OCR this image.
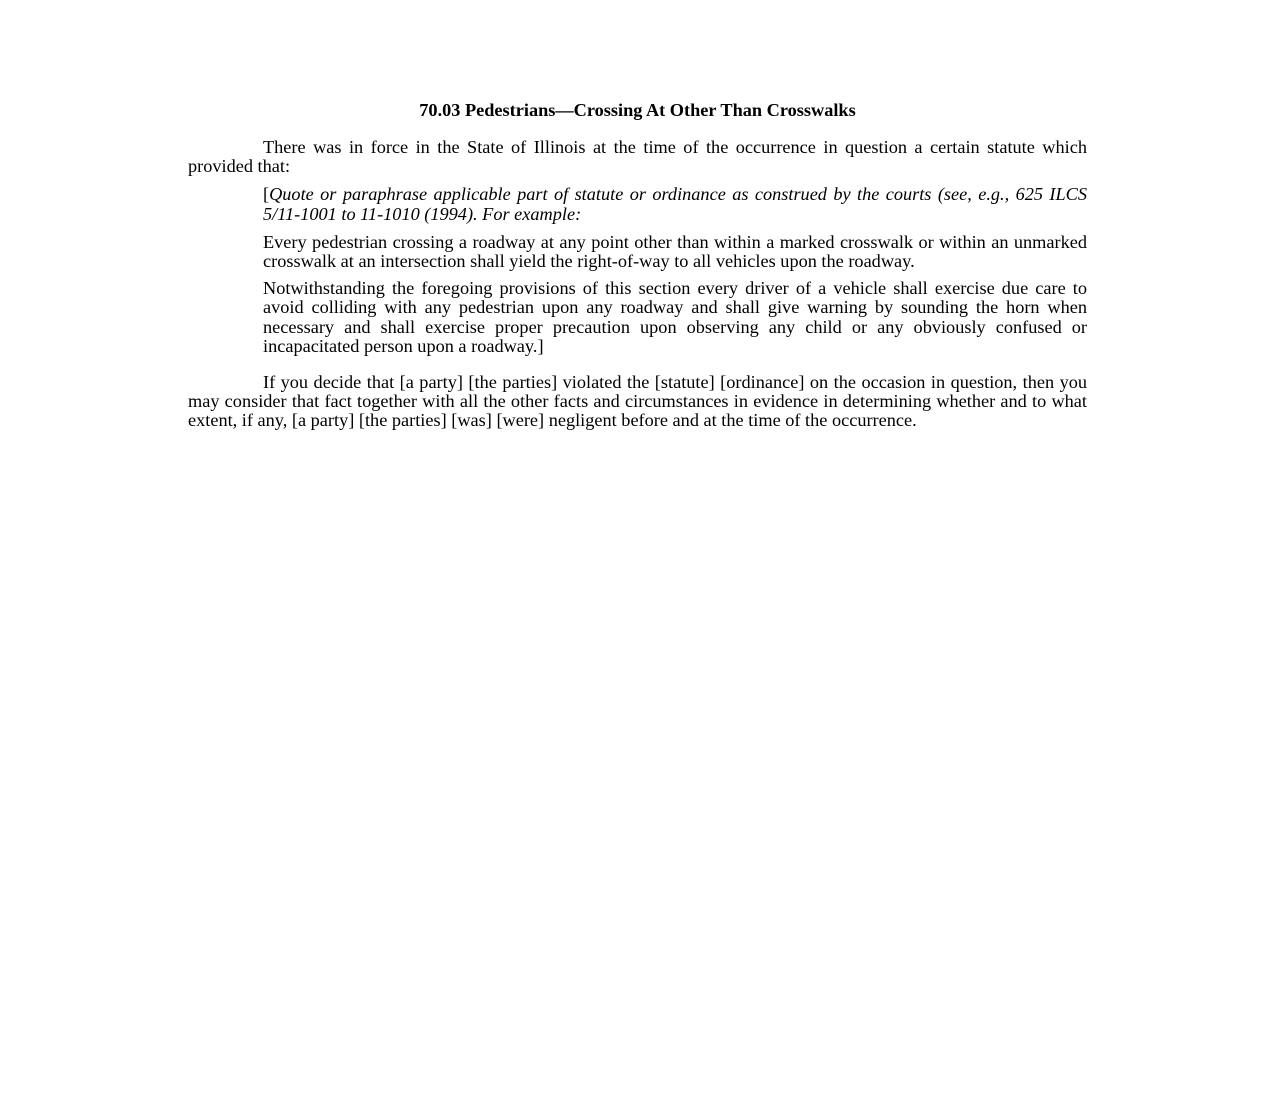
70.03 Pedestrians—Crossing At Other Than Crosswalks

There was in force in the State of Illinois at the time of the occurrence in question a certain statute which provided that:

[Quote or paraphrase applicable part of statute or ordinance as construed by the courts (see, e.g., 625 ILCS 5/11-1001 to 11-1010 (1994). For example:

Every pedestrian crossing a roadway at any point other than within a marked crosswalk or within an unmarked crosswalk at an intersection shall yield the right-of-way to all vehicles upon the roadway.

Notwithstanding the foregoing provisions of this section every driver of a vehicle shall exercise due care to avoid colliding with any pedestrian upon any roadway and shall give warning by sounding the horn when necessary and shall exercise proper precaution upon observing any child or any obviously confused or incapacitated person upon a roadway.]

If you decide that [a party] [the parties] violated the [statute] [ordinance] on the occasion in question, then you may consider that fact together with all the other facts and circumstances in evidence in determining whether and to what extent, if any, [a party] [the parties] [was] [were] negligent before and at the time of the occurrence.
